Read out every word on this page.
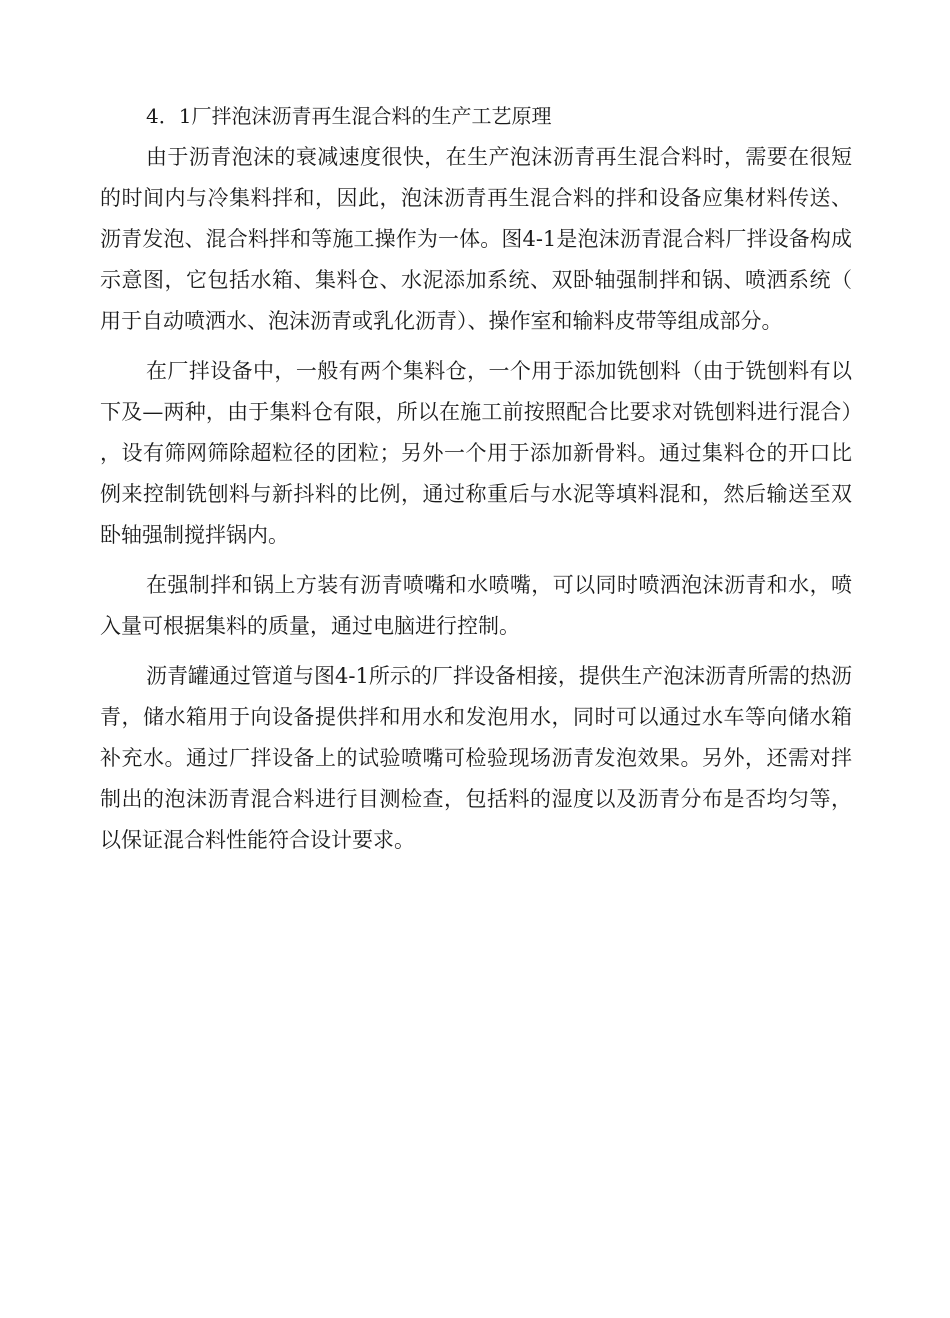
4．1厂拌泡沫沥青再生混合料的生产工艺原理

由于沥青泡沫的衰减速度很快，在生产泡沫沥青再生混合料时，需要在很短的时间内与冷集料拌和，因此，泡沫沥青再生混合料的拌和设备应集材料传送、沥青发泡、混合料拌和等施工操作为一体。图4-1是泡沫沥青混合料厂拌设备构成示意图，它包括水箱、集料仓、水泥添加系统、双卧轴强制拌和锅、喷洒系统（用于自动喷洒水、泡沫沥青或乳化沥青）、操作室和输料皮带等组成部分。

在厂拌设备中，一般有两个集料仓，一个用于添加铣刨料（由于铣刨料有以下及—两种，由于集料仓有限，所以在施工前按照配合比要求对铣刨料进行混合），设有筛网筛除超粒径的团粒；另外一个用于添加新骨料。通过集料仓的开口比例来控制铣刨料与新抖料的比例，通过称重后与水泥等填料混和，然后输送至双卧轴强制搅拌锅内。

在强制拌和锅上方装有沥青喷嘴和水喷嘴，可以同时喷洒泡沫沥青和水，喷入量可根据集料的质量，通过电脑进行控制。

沥青罐通过管道与图4-1所示的厂拌设备相接，提供生产泡沫沥青所需的热沥青，储水箱用于向设备提供拌和用水和发泡用水，同时可以通过水车等向储水箱补充水。通过厂拌设备上的试验喷嘴可检验现场沥青发泡效果。另外，还需对拌制出的泡沫沥青混合料进行目测检查，包括料的湿度以及沥青分布是否均匀等，以保证混合料性能符合设计要求。
